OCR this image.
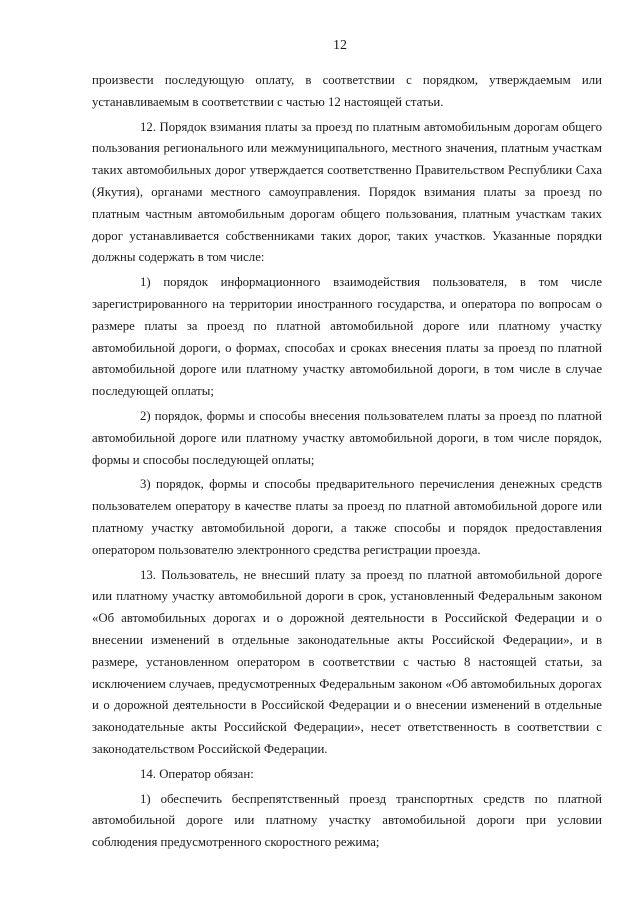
12

произвести последующую оплату, в соответствии с порядком, утверждаемым или устанавливаемым в соответствии с частью 12 настоящей статьи.

12. Порядок взимания платы за проезд по платным автомобильным дорогам общего пользования регионального или межмуниципального, местного значения, платным участкам таких автомобильных дорог утверждается соответственно Правительством Республики Саха (Якутия), органами местного самоуправления. Порядок взимания платы за проезд по платным частным автомобильным дорогам общего пользования, платным участкам таких дорог устанавливается собственниками таких дорог, таких участков. Указанные порядки должны содержать в том числе:

1) порядок информационного взаимодействия пользователя, в том числе зарегистрированного на территории иностранного государства, и оператора по вопросам о размере платы за проезд по платной автомобильной дороге или платному участку автомобильной дороги, о формах, способах и сроках внесения платы за проезд по платной автомобильной дороге или платному участку автомобильной дороги, в том числе в случае последующей оплаты;

2) порядок, формы и способы внесения пользователем платы за проезд по платной автомобильной дороге или платному участку автомобильной дороги, в том числе порядок, формы и способы последующей оплаты;

3) порядок, формы и способы предварительного перечисления денежных средств пользователем оператору в качестве платы за проезд по платной автомобильной дороге или платному участку автомобильной дороги, а также способы и порядок предоставления оператором пользователю электронного средства регистрации проезда.

13. Пользователь, не внесший плату за проезд по платной автомобильной дороге или платному участку автомобильной дороги в срок, установленный Федеральным законом «Об автомобильных дорогах и о дорожной деятельности в Российской Федерации и о внесении изменений в отдельные законодательные акты Российской Федерации», и в размере, установленном оператором в соответствии с частью 8 настоящей статьи, за исключением случаев, предусмотренных Федеральным законом «Об автомобильных дорогах и о дорожной деятельности в Российской Федерации и о внесении изменений в отдельные законодательные акты Российской Федерации», несет ответственность в соответствии с законодательством Российской Федерации.

14. Оператор обязан:

1) обеспечить беспрепятственный проезд транспортных средств по платной автомобильной дороге или платному участку автомобильной дороги при условии соблюдения предусмотренного скоростного режима;
